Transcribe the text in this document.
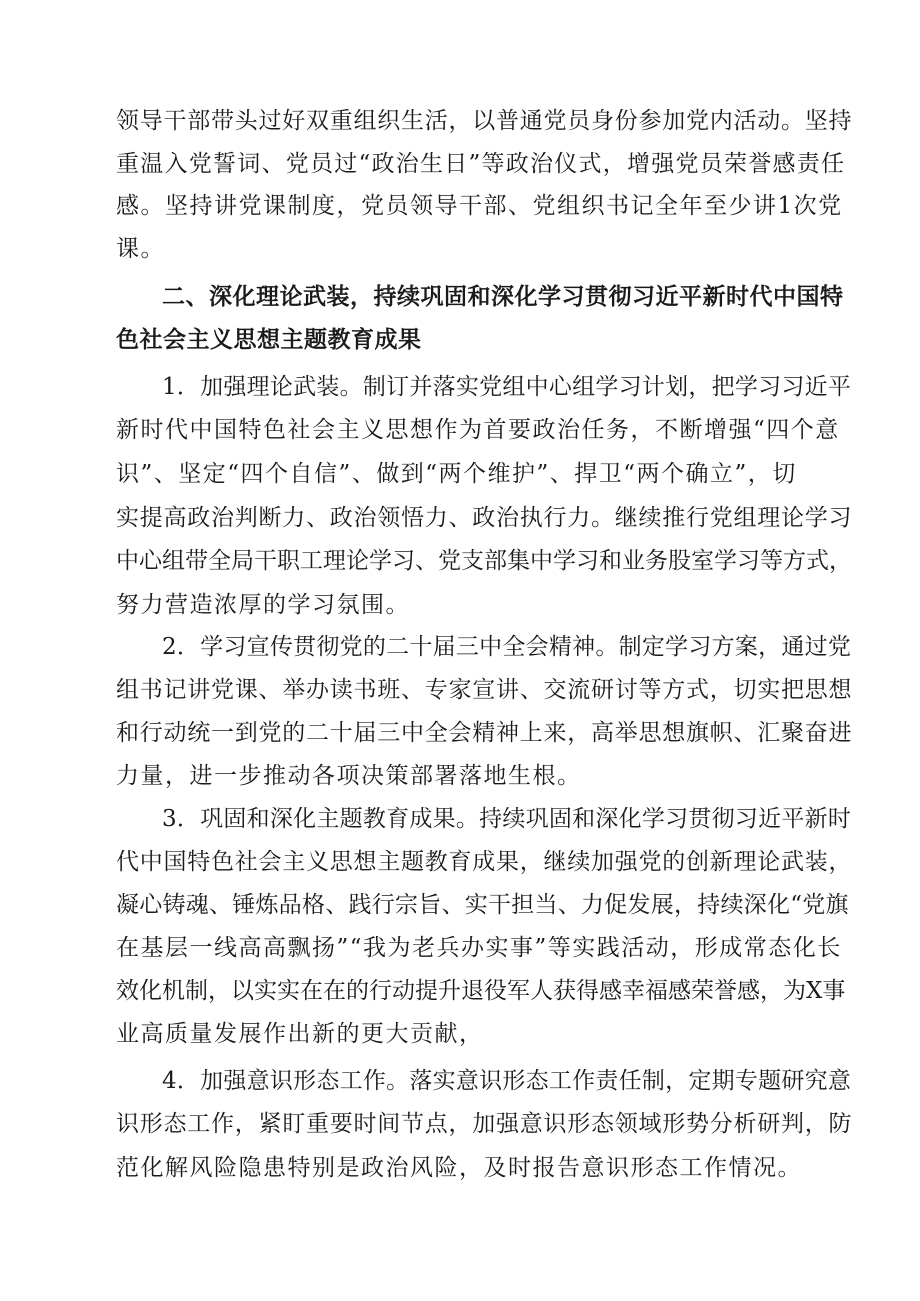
领导干部带头过好双重组织生活，以普通党员身份参加党内活动。坚持
重温入党誓词、党员过“政治生日”等政治仪式，增强党员荣誉感责任
感。坚持讲党课制度，党员领导干部、党组织书记全年至少讲1次党
课。
二、深化理论武装，持续巩固和深化学习贯彻习近平新时代中国特
色社会主义思想主题教育成果
1．加强理论武装。制订并落实党组中心组学习计划，把学习习近平
新时代中国特色社会主义思想作为首要政治任务，不断增强“四个意
识”、坚定“四个自信”、做到“两个维护”、捍卫“两个确立”，切
实提高政治判断力、政治领悟力、政治执行力。继续推行党组理论学习
中心组带全局干职工理论学习、党支部集中学习和业务股室学习等方式，
努力营造浓厚的学习氛围。
2．学习宣传贯彻党的二十届三中全会精神。制定学习方案，通过党
组书记讲党课、举办读书班、专家宣讲、交流研讨等方式，切实把思想
和行动统一到党的二十届三中全会精神上来，高举思想旗帜、汇聚奋进
力量，进一步推动各项决策部署落地生根。
3．巩固和深化主题教育成果。持续巩固和深化学习贯彻习近平新时
代中国特色社会主义思想主题教育成果，继续加强党的创新理论武装，
凝心铸魂、锤炼品格、践行宗旨、实干担当、力促发展，持续深化“党旗
在基层一线高高飘扬”“我为老兵办实事”等实践活动，形成常态化长
效化机制，以实实在在的行动提升退役军人获得感幸福感荣誉感，为X事
业高质量发展作出新的更大贡献，
4．加强意识形态工作。落实意识形态工作责任制，定期专题研究意
识形态工作，紧盯重要时间节点，加强意识形态领域形势分析研判，防
范化解风险隐患特别是政治风险，及时报告意识形态工作情况。
